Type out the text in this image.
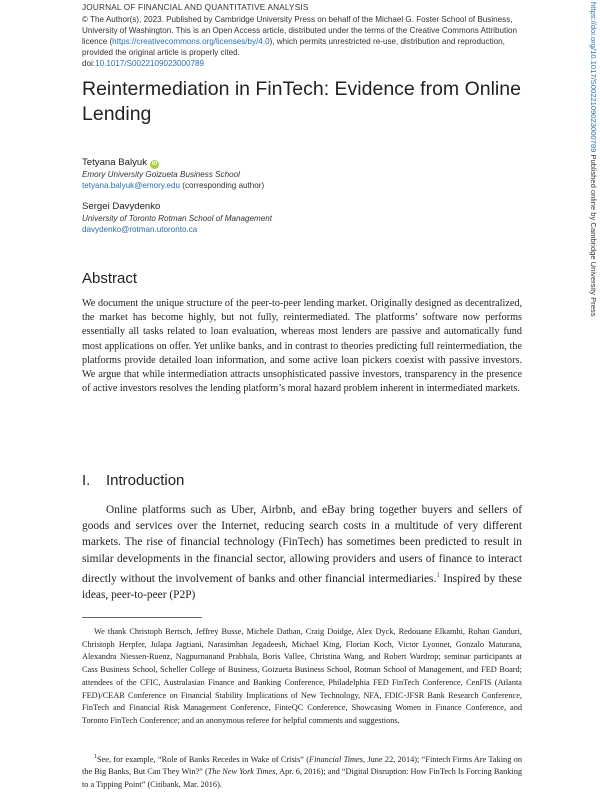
JOURNAL OF FINANCIAL AND QUANTITATIVE ANALYSIS
© The Author(s), 2023. Published by Cambridge University Press on behalf of the Michael G. Foster School of Business, University of Washington. This is an Open Access article, distributed under the terms of the Creative Commons Attribution licence (https://creativecommons.org/licenses/by/4.0), which permits unrestricted re-use, distribution and reproduction, provided the original article is properly cited.
doi:10.1017/S0022109023000789
Reintermediation in FinTech: Evidence from Online Lending
Tetyana Balyuk iD
Emory University Goizueta Business School
tetyana.balyuk@emory.edu (corresponding author)
Sergei Davydenko
University of Toronto Rotman School of Management
davydenko@rotman.utoronto.ca
Abstract
We document the unique structure of the peer-to-peer lending market. Originally designed as decentralized, the market has become highly, but not fully, reintermediated. The platforms’ software now performs essentially all tasks related to loan evaluation, whereas most lenders are passive and automatically fund most applications on offer. Yet unlike banks, and in contrast to theories predicting full reintermediation, the platforms provide detailed loan information, and some active loan pickers coexist with passive investors. We argue that while intermediation attracts unsophisticated passive investors, transparency in the presence of active investors resolves the lending platform’s moral hazard problem inherent in intermediated markets.
I. Introduction
Online platforms such as Uber, Airbnb, and eBay bring together buyers and sellers of goods and services over the Internet, reducing search costs in a multitude of very different markets. The rise of financial technology (FinTech) has sometimes been predicted to result in similar developments in the financial sector, allowing providers and users of finance to interact directly without the involvement of banks and other financial intermediaries.$^1$ Inspired by these ideas, peer-to-peer (P2P)
We thank Christoph Bertsch, Jeffrey Busse, Michele Dathan, Craig Doidge, Alex Dyck, Redouane Elkamhi, Rohan Ganduri, Christoph Herpfer, Julapa Jagtiani, Narasimhan Jegadeesh, Michael King, Florian Koch, Victor Lyonnet, Gonzalo Maturana, Alexandra Niessen-Ruenz, Nagpurnanand Prabhala, Boris Vallee, Christina Wang, and Robert Wardrop; seminar participants at Cass Business School, Scheller College of Business, Goizueta Business School, Rotman School of Management, and FED Board; attendees of the CFIC, Australasian Finance and Banking Conference, Philadelphia FED FinTech Conference, CenFIS (Atlanta FED)/CEAR Conference on Financial Stability Implications of New Technology, NFA, FDIC-JFSR Bank Research Conference, FinTech and Financial Risk Management Conference, FinteQC Conference, Showcasing Women in Finance Conference, and Toronto FinTech Conference; and an anonymous referee for helpful comments and suggestions.
$^1$See, for example, “Role of Banks Recedes in Wake of Crisis” (Financial Times, June 22, 2014); “Fintech Firms Are Taking on the Big Banks, But Can They Win?” (The New York Times, Apr. 6, 2016); and “Digital Disruption: How FinTech Is Forcing Banking to a Tipping Point” (Citibank, Mar. 2016).
https://doi.org/10.1017/S0022109023000789 Published online by Cambridge University Press
